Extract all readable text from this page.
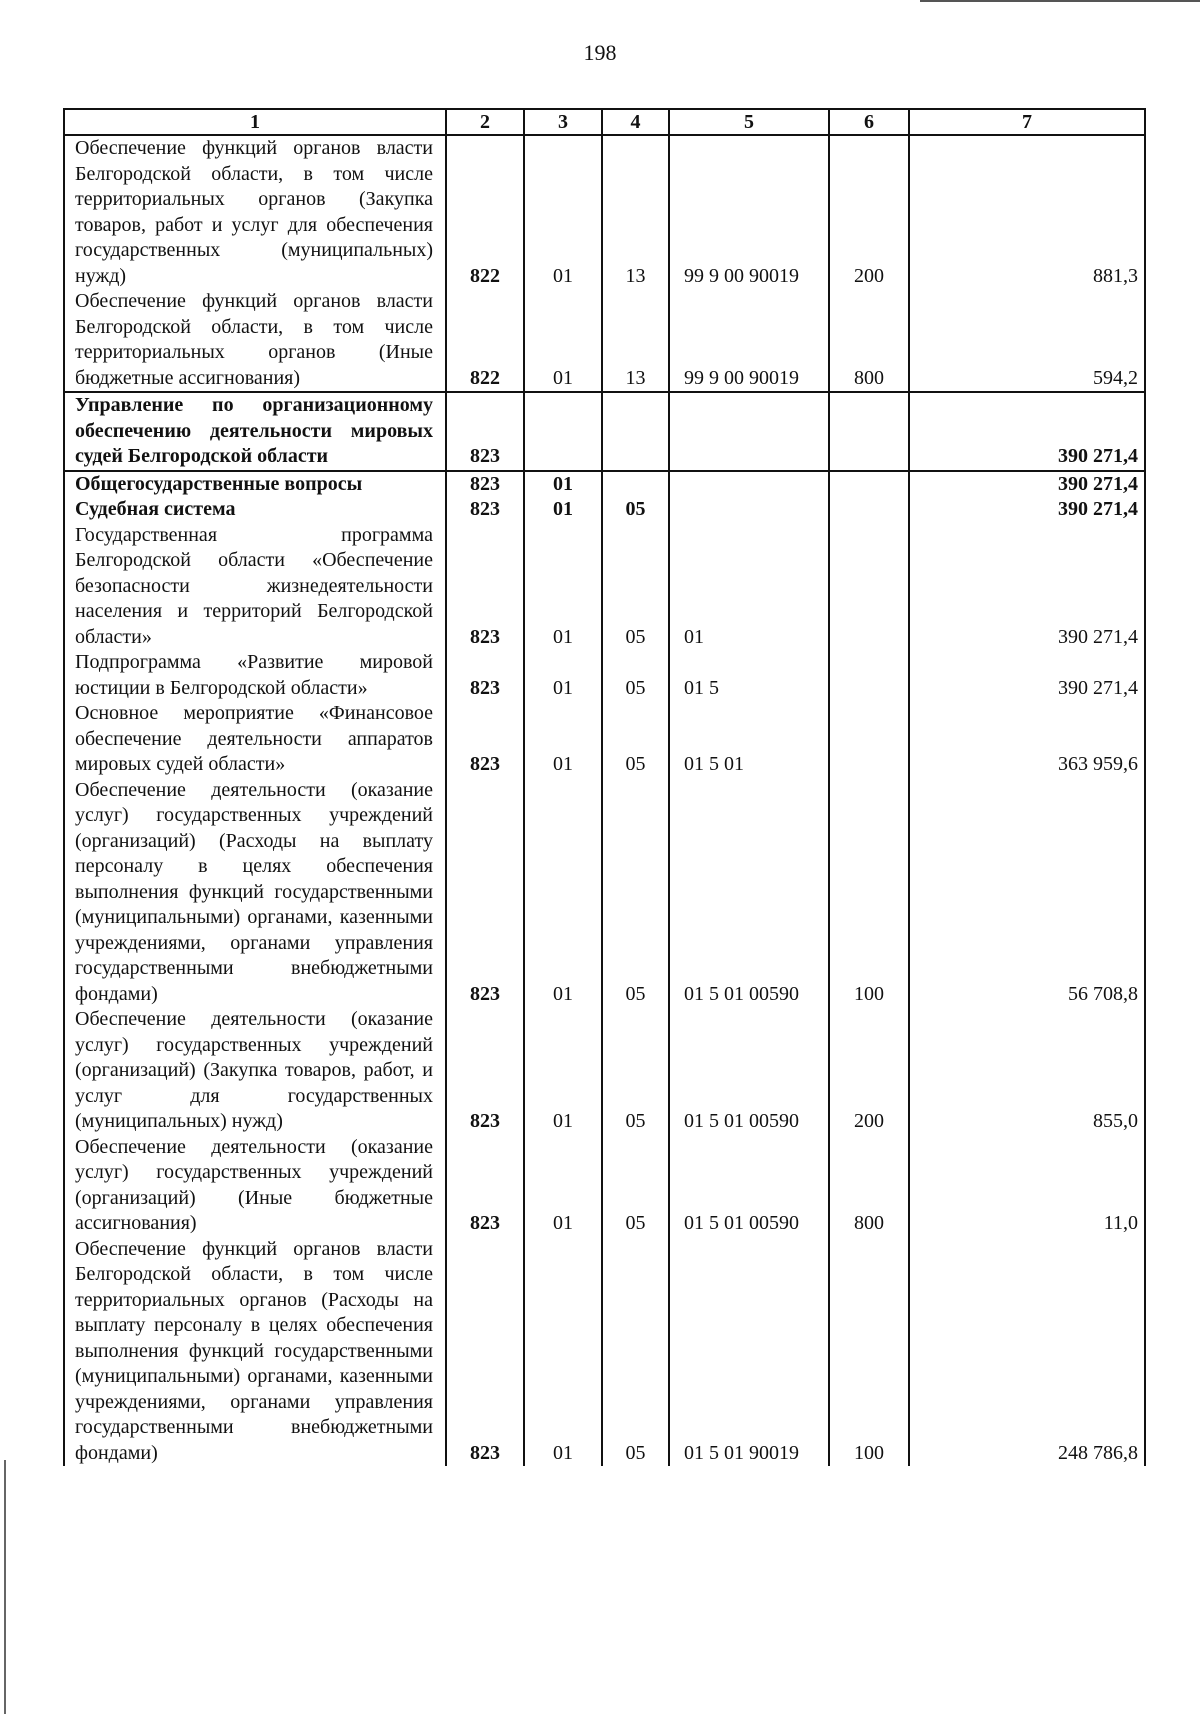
198
1	2	3	4	5	6	7
Обеспечение функций органов власти Белгородской области, в том числе территориальных органов (Закупка товаров, работ и услуг для обеспечения государственных (муниципальных) нужд)	822	01	13	99 9 00 90019	200	881,3
Обеспечение функций органов власти Белгородской области, в том числе территориальных органов (Иные бюджетные ассигнования)	822	01	13	99 9 00 90019	800	594,2
Управление по организационному обеспечению деятельности мировых судей Белгородской области	823					390 271,4
Общегосударственные вопросы	823	01				390 271,4
Судебная система	823	01	05			390 271,4
Государственная программа Белгородской области «Обеспечение безопасности жизнедеятельности населения и территорий Белгородской области»	823	01	05	01		390 271,4
Подпрограмма «Развитие мировой юстиции в Белгородской области»	823	01	05	01 5		390 271,4
Основное мероприятие «Финансовое обеспечение деятельности аппаратов мировых судей области»	823	01	05	01 5 01		363 959,6
Обеспечение деятельности (оказание услуг) государственных учреждений (организаций) (Расходы на выплату персоналу в целях обеспечения выполнения функций государственными (муниципальными) органами, казенными учреждениями, органами управления государственными внебюджетными фондами)	823	01	05	01 5 01 00590	100	56 708,8
Обеспечение деятельности (оказание услуг) государственных учреждений (организаций) (Закупка товаров, работ, и услуг для государственных (муниципальных) нужд)	823	01	05	01 5 01 00590	200	855,0
Обеспечение деятельности (оказание услуг) государственных учреждений (организаций) (Иные бюджетные ассигнования)	823	01	05	01 5 01 00590	800	11,0
Обеспечение функций органов власти Белгородской области, в том числе территориальных органов (Расходы на выплату персоналу в целях обеспечения выполнения функций государственными (муниципальными) органами, казенными учреждениями, органами управления государственными внебюджетными фондами)	823	01	05	01 5 01 90019	100	248 786,8
